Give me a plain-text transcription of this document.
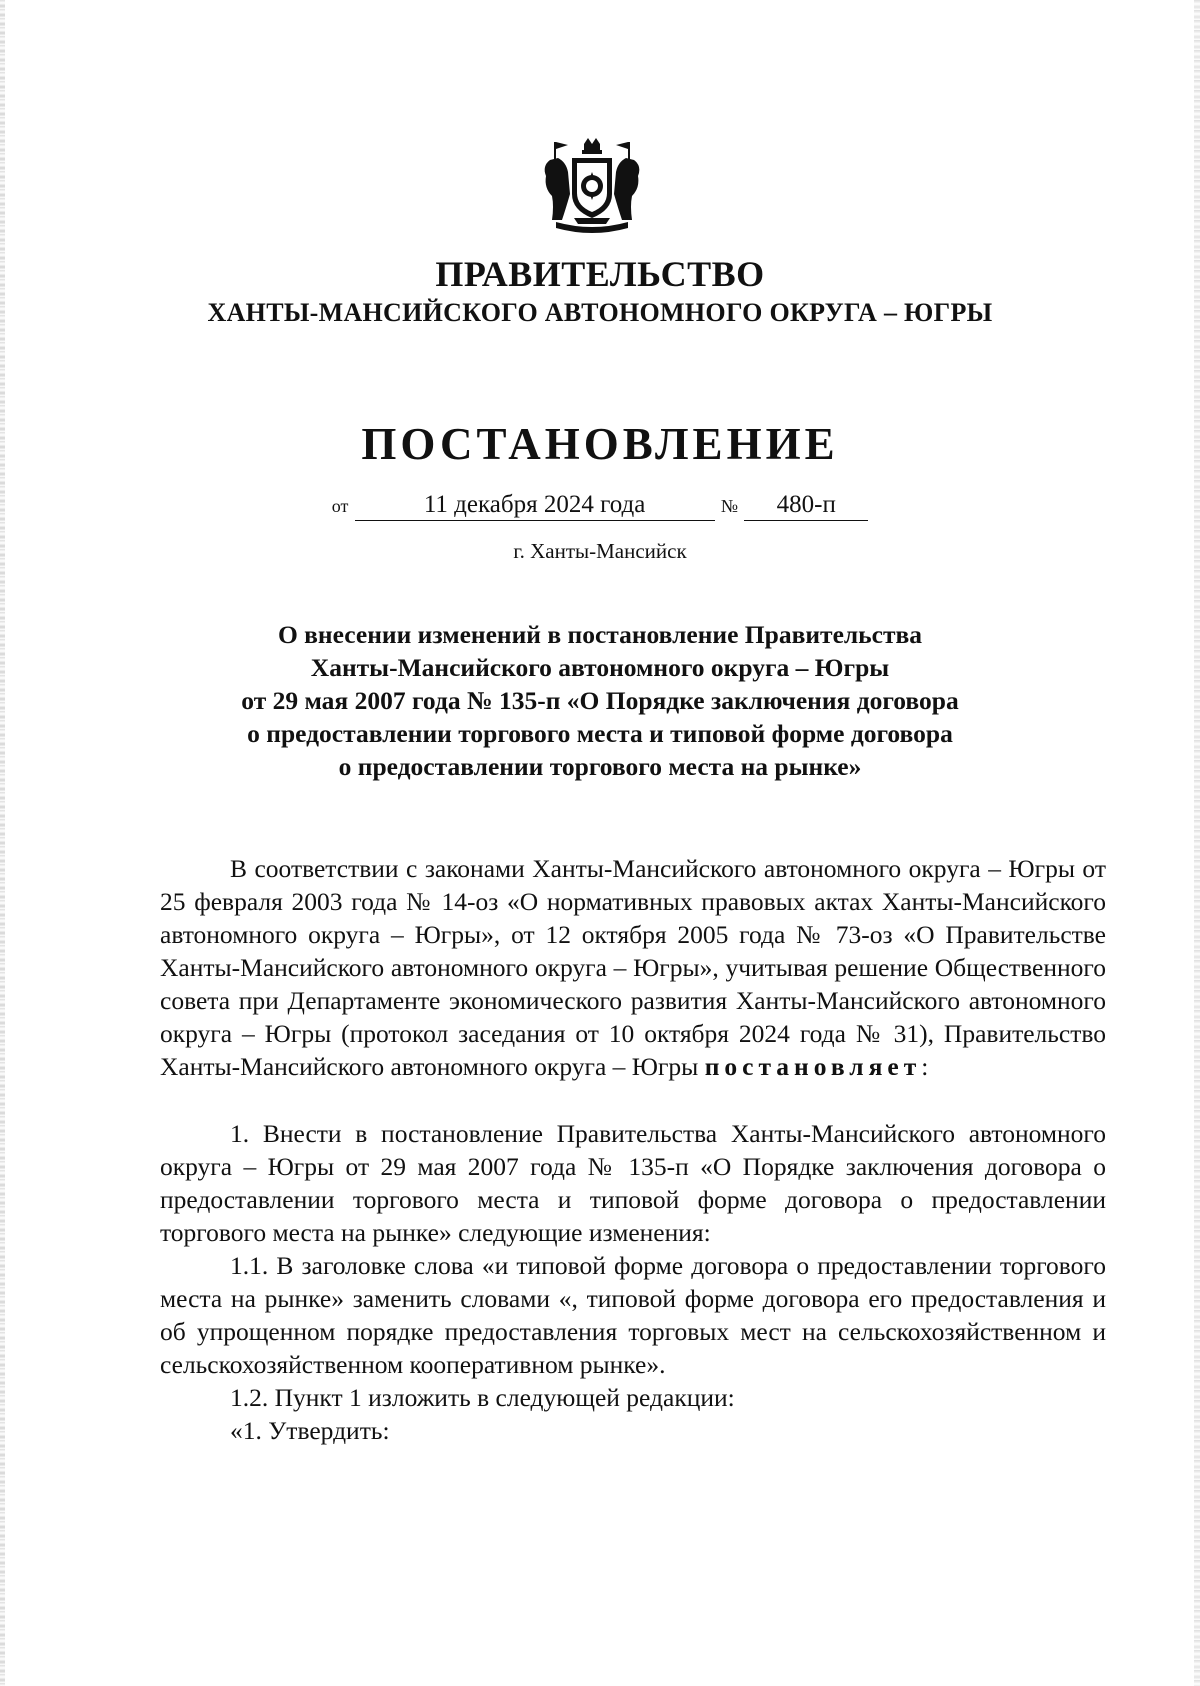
ПРАВИТЕЛЬСТВО
ХАНТЫ-МАНСИЙСКОГО АВТОНОМНОГО ОКРУГА – ЮГРЫ
ПОСТАНОВЛЕНИЕ
от	11 декабря 2024 года	№ 480-п
г. Ханты-Мансийск
О внесении изменений в постановление Правительства
Ханты-Мансийского автономного округа – Югры
от 29 мая 2007 года № 135-п «О Порядке заключения договора
о предоставлении торгового места и типовой форме договора
о предоставлении торгового места на рынке»

В соответствии с законами Ханты-Мансийского автономного округа – Югры от 25 февраля 2003 года № 14-оз «О нормативных правовых актах Ханты-Мансийского автономного округа – Югры», от 12 октября 2005 года № 73-оз «О Правительстве Ханты-Мансийского автономного округа – Югры», учитывая решение Общественного совета при Департаменте экономического развития Ханты-Мансийского автономного округа – Югры (протокол заседания от 10 октября 2024 года № 31), Правительство Ханты-Мансийского автономного округа – Югры постановляет:

1. Внести в постановление Правительства Ханты-Мансийского автономного округа – Югры от 29 мая 2007 года № 135-п «О Порядке заключения договора о предоставлении торгового места и типовой форме договора о предоставлении торгового места на рынке» следующие изменения:

1.1. В заголовке слова «и типовой форме договора о предоставлении торгового места на рынке» заменить словами «, типовой форме договора его предоставления и об упрощенном порядке предоставления торговых мест на сельскохозяйственном и сельскохозяйственном кооперативном рынке».

1.2. Пункт 1 изложить в следующей редакции:

«1. Утвердить:
